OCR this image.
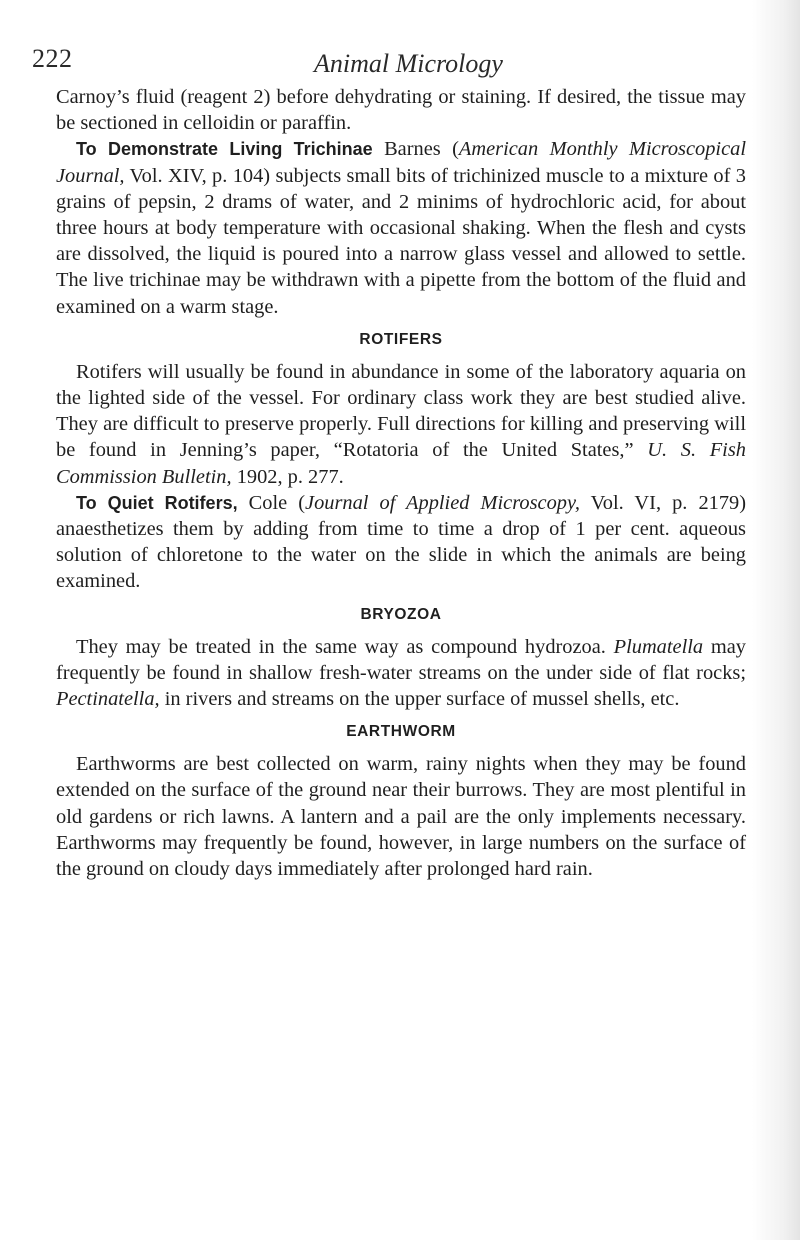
222	Animal Micrology

Carnoy’s fluid (reagent 2) before dehydrating or staining. If desired, the tissue may be sectioned in celloidin or paraffin.

To Demonstrate Living Trichinae Barnes (American Monthly Microscopical Journal, Vol. XIV, p. 104) subjects small bits of trichinized muscle to a mixture of 3 grains of pepsin, 2 drams of water, and 2 minims of hydrochloric acid, for about three hours at body temperature with occasional shaking. When the flesh and cysts are dissolved, the liquid is poured into a narrow glass vessel and allowed to settle. The live trichinae may be withdrawn with a pipette from the bottom of the fluid and examined on a warm stage.

ROTIFERS

Rotifers will usually be found in abundance in some of the laboratory aquaria on the lighted side of the vessel. For ordinary class work they are best studied alive. They are difficult to preserve properly. Full directions for killing and preserving will be found in Jenning’s paper, “Rotatoria of the United States,” U. S. Fish Commission Bulletin, 1902, p. 277.

To Quiet Rotifers, Cole (Journal of Applied Microscopy, Vol. VI, p. 2179) anaesthetizes them by adding from time to time a drop of 1 per cent. aqueous solution of chloretone to the water on the slide in which the animals are being examined.

BRYOZOA

They may be treated in the same way as compound hydrozoa. Plumatella may frequently be found in shallow fresh-water streams on the under side of flat rocks; Pectinatella, in rivers and streams on the upper surface of mussel shells, etc.

EARTHWORM

Earthworms are best collected on warm, rainy nights when they may be found extended on the surface of the ground near their burrows. They are most plentiful in old gardens or rich lawns. A lantern and a pail are the only implements necessary. Earthworms may frequently be found, however, in large numbers on the surface of the ground on cloudy days immediately after prolonged hard rain.
